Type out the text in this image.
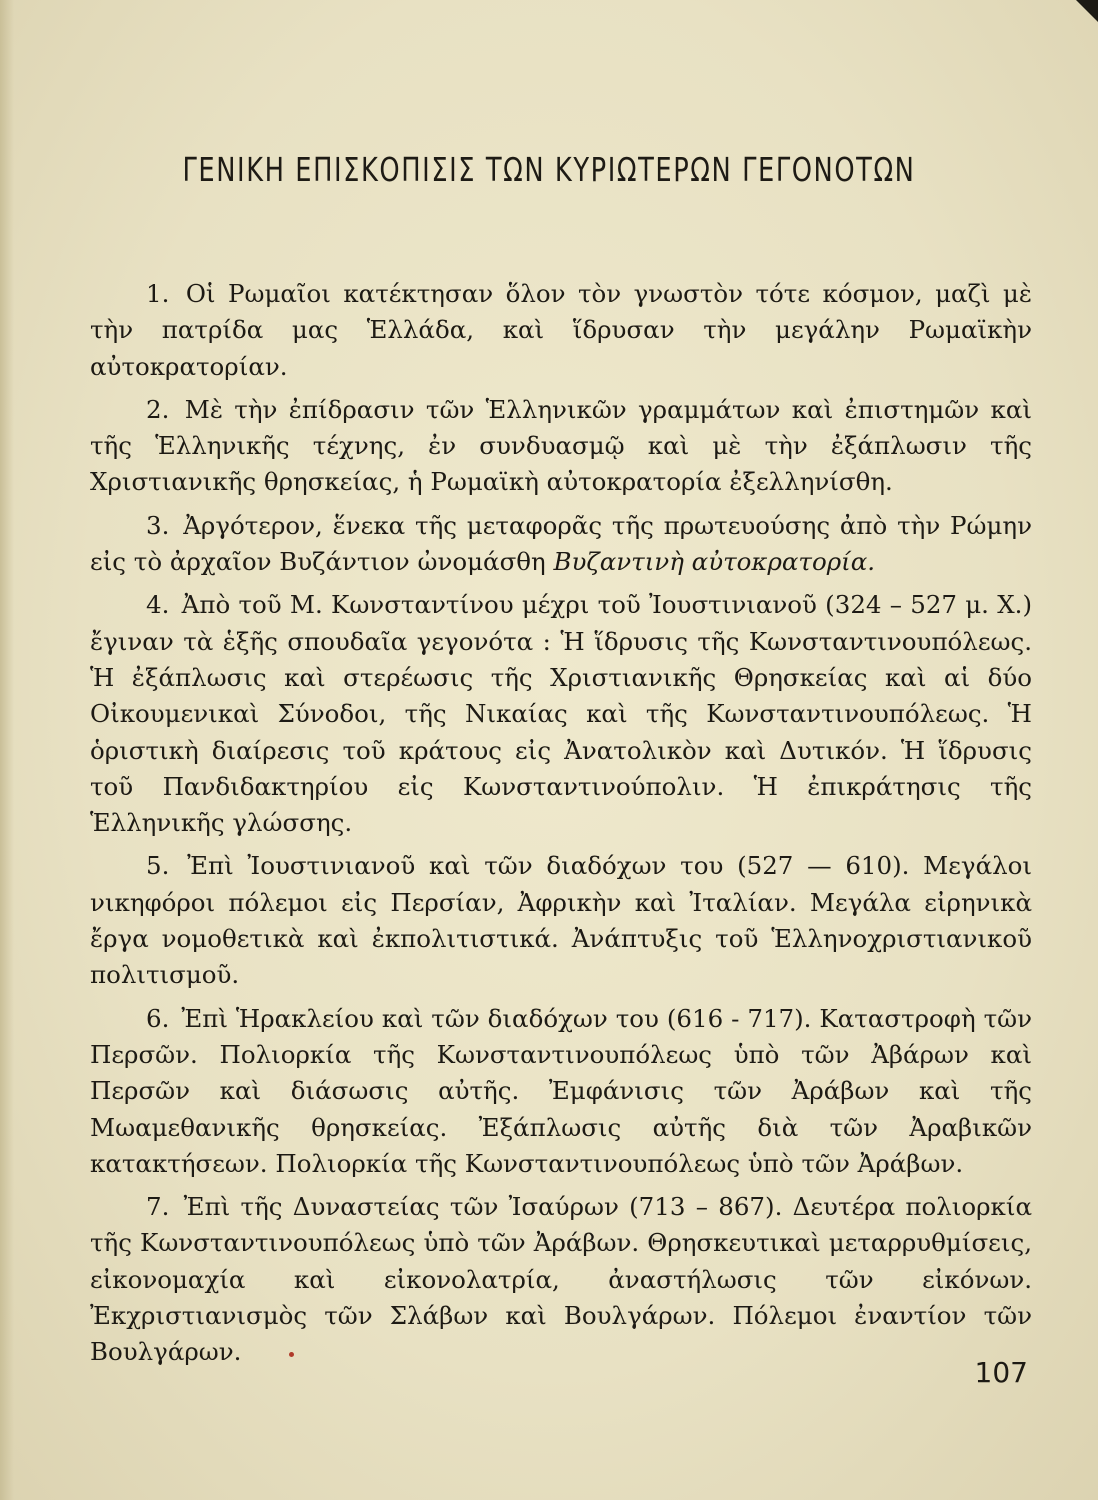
ΓΕΝΙΚΗ ΕΠΙΣΚΟΠΙΣΙΣ ΤΩΝ ΚΥΡΙΩΤΕΡΩΝ ΓΕΓΟΝΟΤΩΝ

1. Οἱ Ρωμαῖοι κατέκτησαν ὅλον τὸν γνωστὸν τότε κόσμον, μαζὶ μὲ τὴν πατρίδα μας Ἑλλάδα, καὶ ἵδρυσαν τὴν μεγάλην Ρωμαϊκὴν αὐτοκρατορίαν.

2. Μὲ τὴν ἐπίδρασιν τῶν Ἑλληνικῶν γραμμάτων καὶ ἐπιστημῶν καὶ τῆς Ἑλληνικῆς τέχνης, ἐν συνδυασμῷ καὶ μὲ τὴν ἐξάπλωσιν τῆς Χριστιανικῆς θρησκείας, ἡ Ρωμαϊκὴ αὐτοκρατορία ἐξελληνίσθη.

3. Ἀργότερον, ἕνεκα τῆς μεταφορᾶς τῆς πρωτευούσης ἀπὸ τὴν Ρώμην εἰς τὸ ἀρχαῖον Βυζάντιον ὠνομάσθη Βυζαντινὴ αὐτοκρατορία.

4. Ἀπὸ τοῦ Μ. Κωνσταντίνου μέχρι τοῦ Ἰουστινιανοῦ (324 – 527 μ. Χ.) ἔγιναν τὰ ἑξῆς σπουδαῖα γεγονότα : Ἡ ἵδρυσις τῆς Κωνσταντινουπόλεως. Ἡ ἐξάπλωσις καὶ στερέωσις τῆς Χριστιανικῆς Θρησκείας καὶ αἱ δύο Οἰκουμενικαὶ Σύνοδοι, τῆς Νικαίας καὶ τῆς Κωνσταντινουπόλεως. Ἡ ὁριστικὴ διαίρεσις τοῦ κράτους εἰς Ἀνατολικὸν καὶ Δυτικόν. Ἡ ἵδρυσις τοῦ Πανδιδακτηρίου εἰς Κωνσταντινούπολιν. Ἡ ἐπικράτησις τῆς Ἑλληνικῆς γλώσσης.

5. Ἐπὶ Ἰουστινιανοῦ καὶ τῶν διαδόχων του (527 — 610). Μεγάλοι νικηφόροι πόλεμοι εἰς Περσίαν, Ἀφρικὴν καὶ Ἰταλίαν. Μεγάλα εἰρηνικὰ ἔργα νομοθετικὰ καὶ ἐκπολιτιστικά. Ἀνάπτυξις τοῦ Ἑλληνοχριστιανικοῦ πολιτισμοῦ.

6. Ἐπὶ Ἡρακλείου καὶ τῶν διαδόχων του (616 - 717). Καταστροφὴ τῶν Περσῶν. Πολιορκία τῆς Κωνσταντινουπόλεως ὑπὸ τῶν Ἀβάρων καὶ Περσῶν καὶ διάσωσις αὐτῆς. Ἐμφάνισις τῶν Ἀράβων καὶ τῆς Μωαμεθανικῆς θρησκείας. Ἐξάπλωσις αὐτῆς διὰ τῶν Ἀραβικῶν κατακτήσεων. Πολιορκία τῆς Κωνσταντινουπόλεως ὑπὸ τῶν Ἀράβων.

7. Ἐπὶ τῆς Δυναστείας τῶν Ἰσαύρων (713 – 867). Δευτέρα πολιορκία τῆς Κωνσταντινουπόλεως ὑπὸ τῶν Ἀράβων. Θρησκευτικαὶ μεταρρυθμίσεις, εἰκονομαχία καὶ εἰκονολατρία, ἀναστήλωσις τῶν εἰκόνων. Ἐκχριστιανισμὸς τῶν Σλάβων καὶ Βουλγάρων. Πόλεμοι ἐναντίον τῶν Βουλγάρων.

107
